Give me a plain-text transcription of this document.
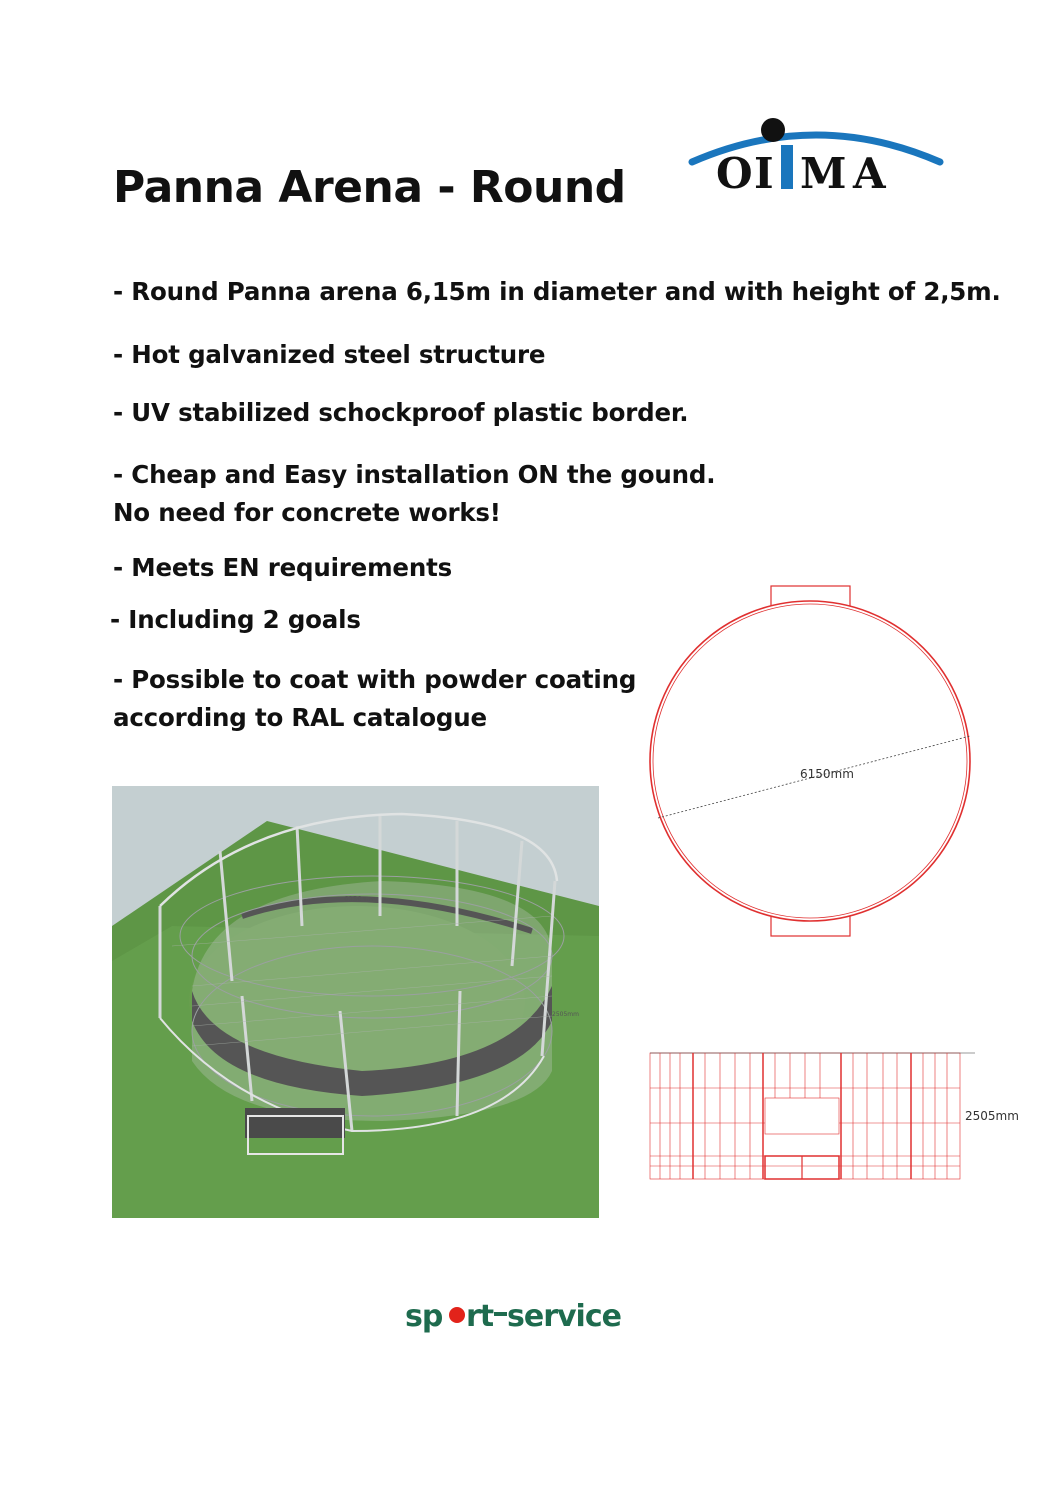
Panna Arena - Round O I M A
OITMA

- Round Panna arena 6,15m in diameter and with height of 2,5m.

- Hot galvanized steel structure

- UV stabilized schockproof plastic border.

- Cheap and Easy installation ON the gound.

No need for concrete works!

- Meets EN requirements

- Including 2 goals

- Possible to coat with powder coating

according to RAL catalogue

6150mm
2505mm
6150mm
2505mm
sp rt service
sportservice
